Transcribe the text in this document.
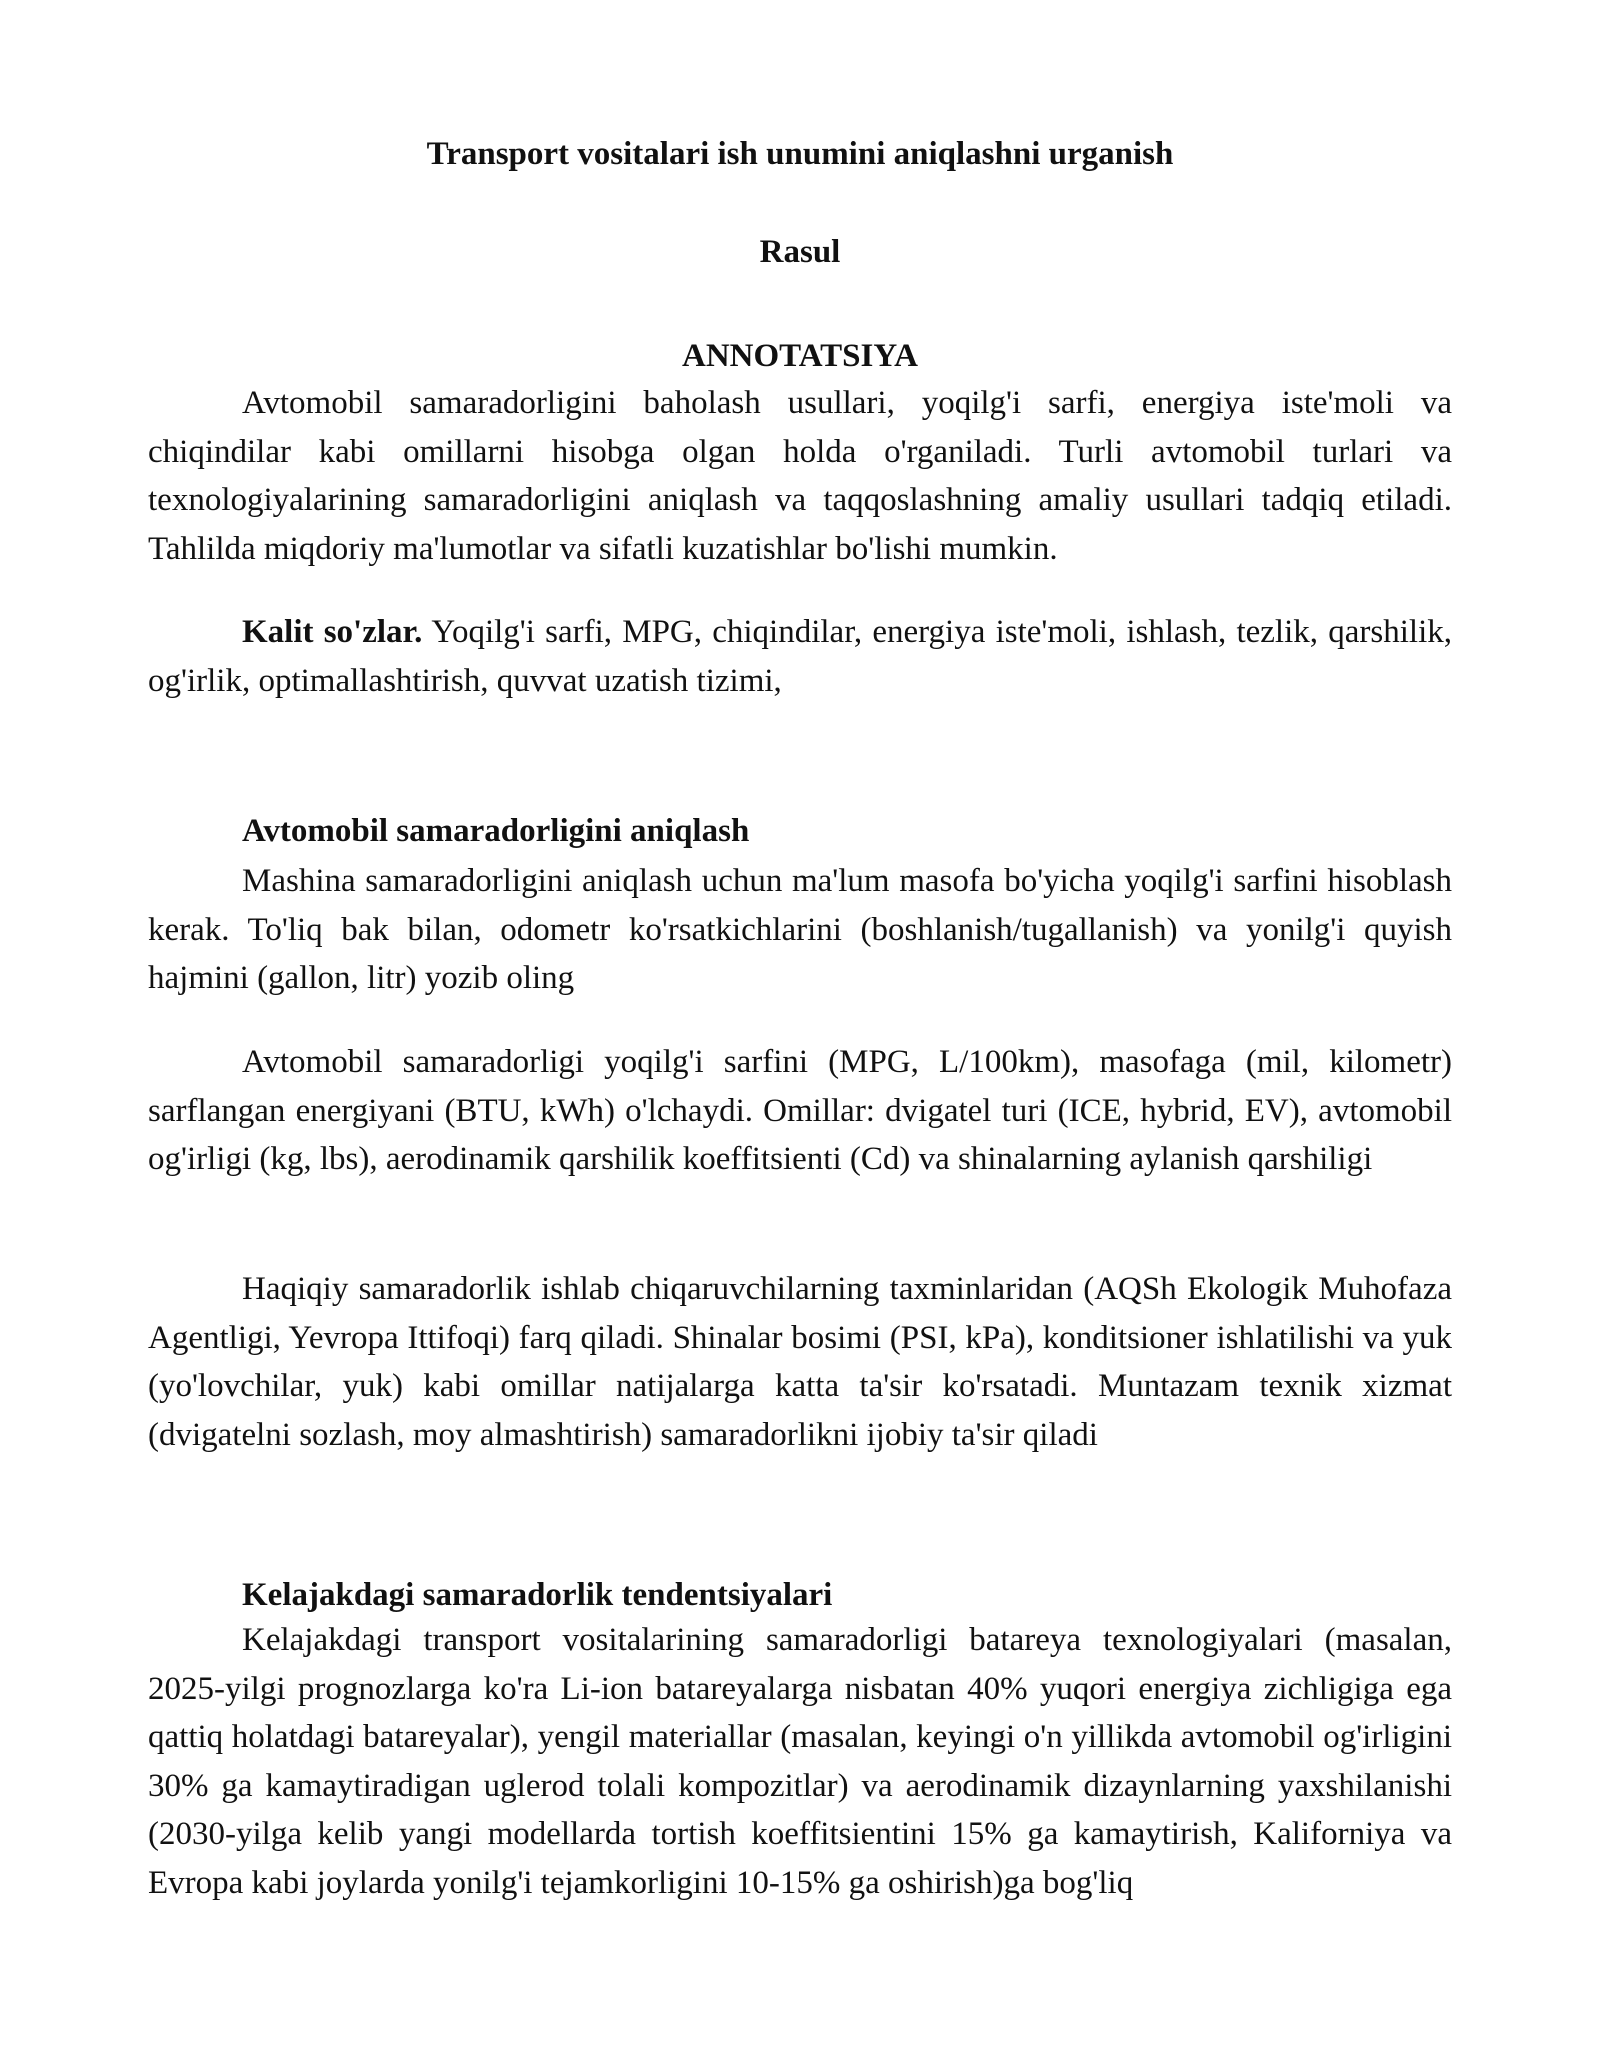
Transport vositalari ish unumini aniqlashni urganish

Rasul

ANNOTATSIYA

Avtomobil samaradorligini baholash usullari, yoqilg'i sarfi, energiya iste'moli va chiqindilar kabi omillarni hisobga olgan holda o'rganiladi. Turli avtomobil turlari va texnologiyalarining samaradorligini aniqlash va taqqoslashning amaliy usullari tadqiq etiladi. Tahlilda miqdoriy ma'lumotlar va sifatli kuzatishlar bo'lishi mumkin.

Kalit so'zlar. Yoqilg'i sarfi, MPG, chiqindilar, energiya iste'moli, ishlash, tezlik, qarshilik, og'irlik, optimallashtirish, quvvat uzatish tizimi,

Avtomobil samaradorligini aniqlash

Mashina samaradorligini aniqlash uchun ma'lum masofa bo'yicha yoqilg'i sarfini hisoblash kerak. To'liq bak bilan, odometr ko'rsatkichlarini (boshlanish/tugallanish) va yonilg'i quyish hajmini (gallon, litr) yozib oling

Avtomobil samaradorligi yoqilg'i sarfini (MPG, L/100km), masofaga (mil, kilometr) sarflangan energiyani (BTU, kWh) o'lchaydi. Omillar: dvigatel turi (ICE, hybrid, EV), avtomobil og'irligi (kg, lbs), aerodinamik qarshilik koeffitsienti (Cd) va shinalarning aylanish qarshiligi

Haqiqiy samaradorlik ishlab chiqaruvchilarning taxminlaridan (AQSh Ekologik Muhofaza Agentligi, Yevropa Ittifoqi) farq qiladi. Shinalar bosimi (PSI, kPa), konditsioner ishlatilishi va yuk (yo'lovchilar, yuk) kabi omillar natijalarga katta ta'sir ko'rsatadi. Muntazam texnik xizmat (dvigatelni sozlash, moy almashtirish) samaradorlikni ijobiy ta'sir qiladi

Kelajakdagi samaradorlik tendentsiyalari

Kelajakdagi transport vositalarining samaradorligi batareya texnologiyalari (masalan, 2025-yilgi prognozlarga ko'ra Li-ion batareyalarga nisbatan 40% yuqori energiya zichligiga ega qattiq holatdagi batareyalar), yengil materiallar (masalan, keyingi o'n yillikda avtomobil og'irligini 30% ga kamaytiradigan uglerod tolali kompozitlar) va aerodinamik dizaynlarning yaxshilanishi (2030-yilga kelib yangi modellarda tortish koeffitsientini 15% ga kamaytirish, Kaliforniya va Evropa kabi joylarda yonilg'i tejamkorligini 10-15% ga oshirish)ga bog'liq
